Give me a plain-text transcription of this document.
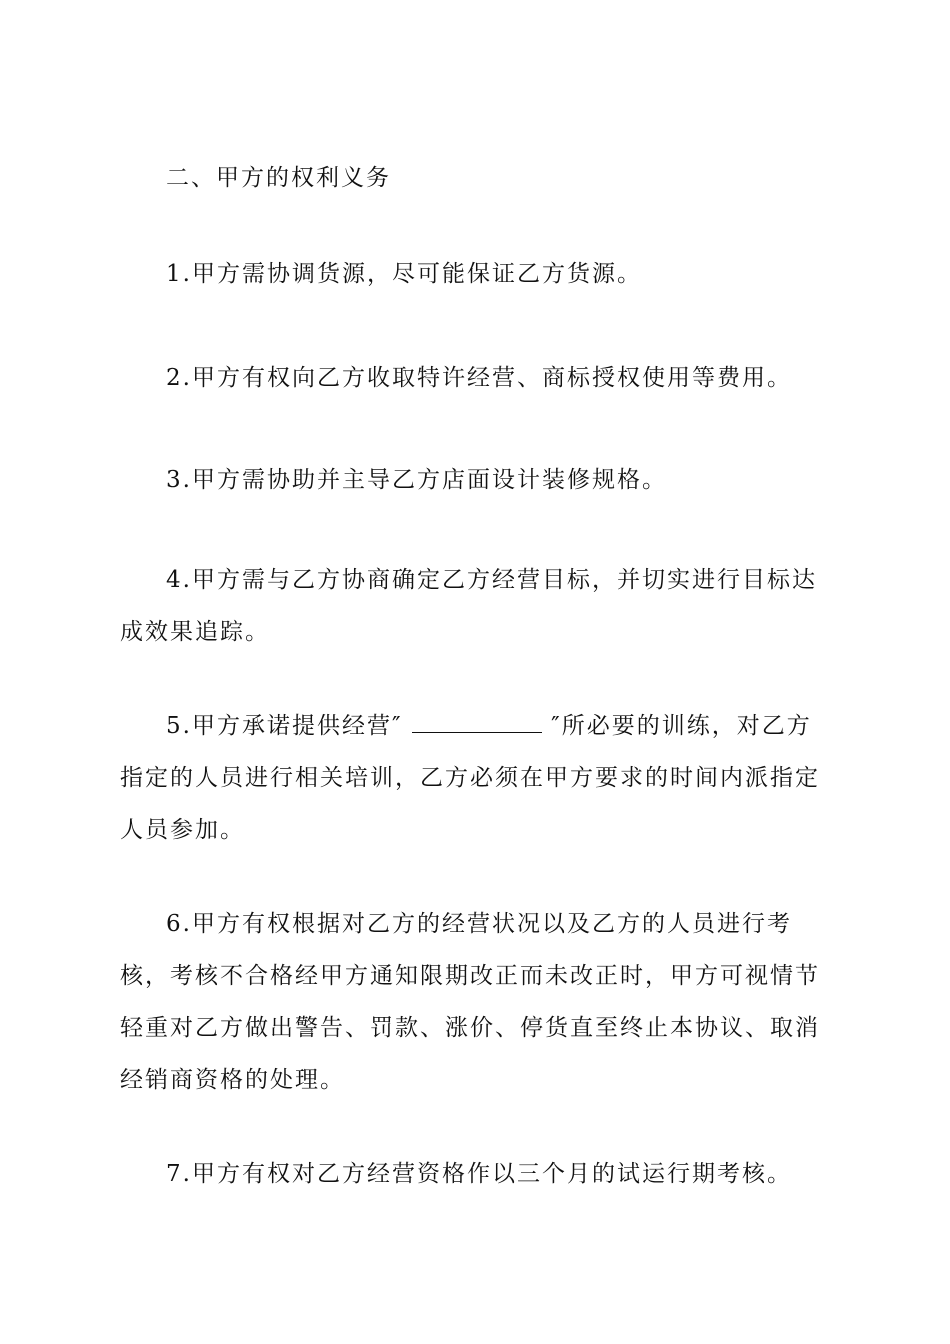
二、甲方的权利义务
1.甲方需协调货源，尽可能保证乙方货源。
2.甲方有权向乙方收取特许经营、商标授权使用等费用。
3.甲方需协助并主导乙方店面设计装修规格。
4.甲方需与乙方协商确定乙方经营目标，并切实进行目标达成效果追踪。
5.甲方承诺提供经营″	″所必要的训练，对乙方指定的人员进行相关培训，乙方必须在甲方要求的时间内派指定人员参加。
6.甲方有权根据对乙方的经营状况以及乙方的人员进行考核，考核不合格经甲方通知限期改正而未改正时，甲方可视情节轻重对乙方做出警告、罚款、涨价、停货直至终止本协议、取消经销商资格的处理。
7.甲方有权对乙方经营资格作以三个月的试运行期考核。
